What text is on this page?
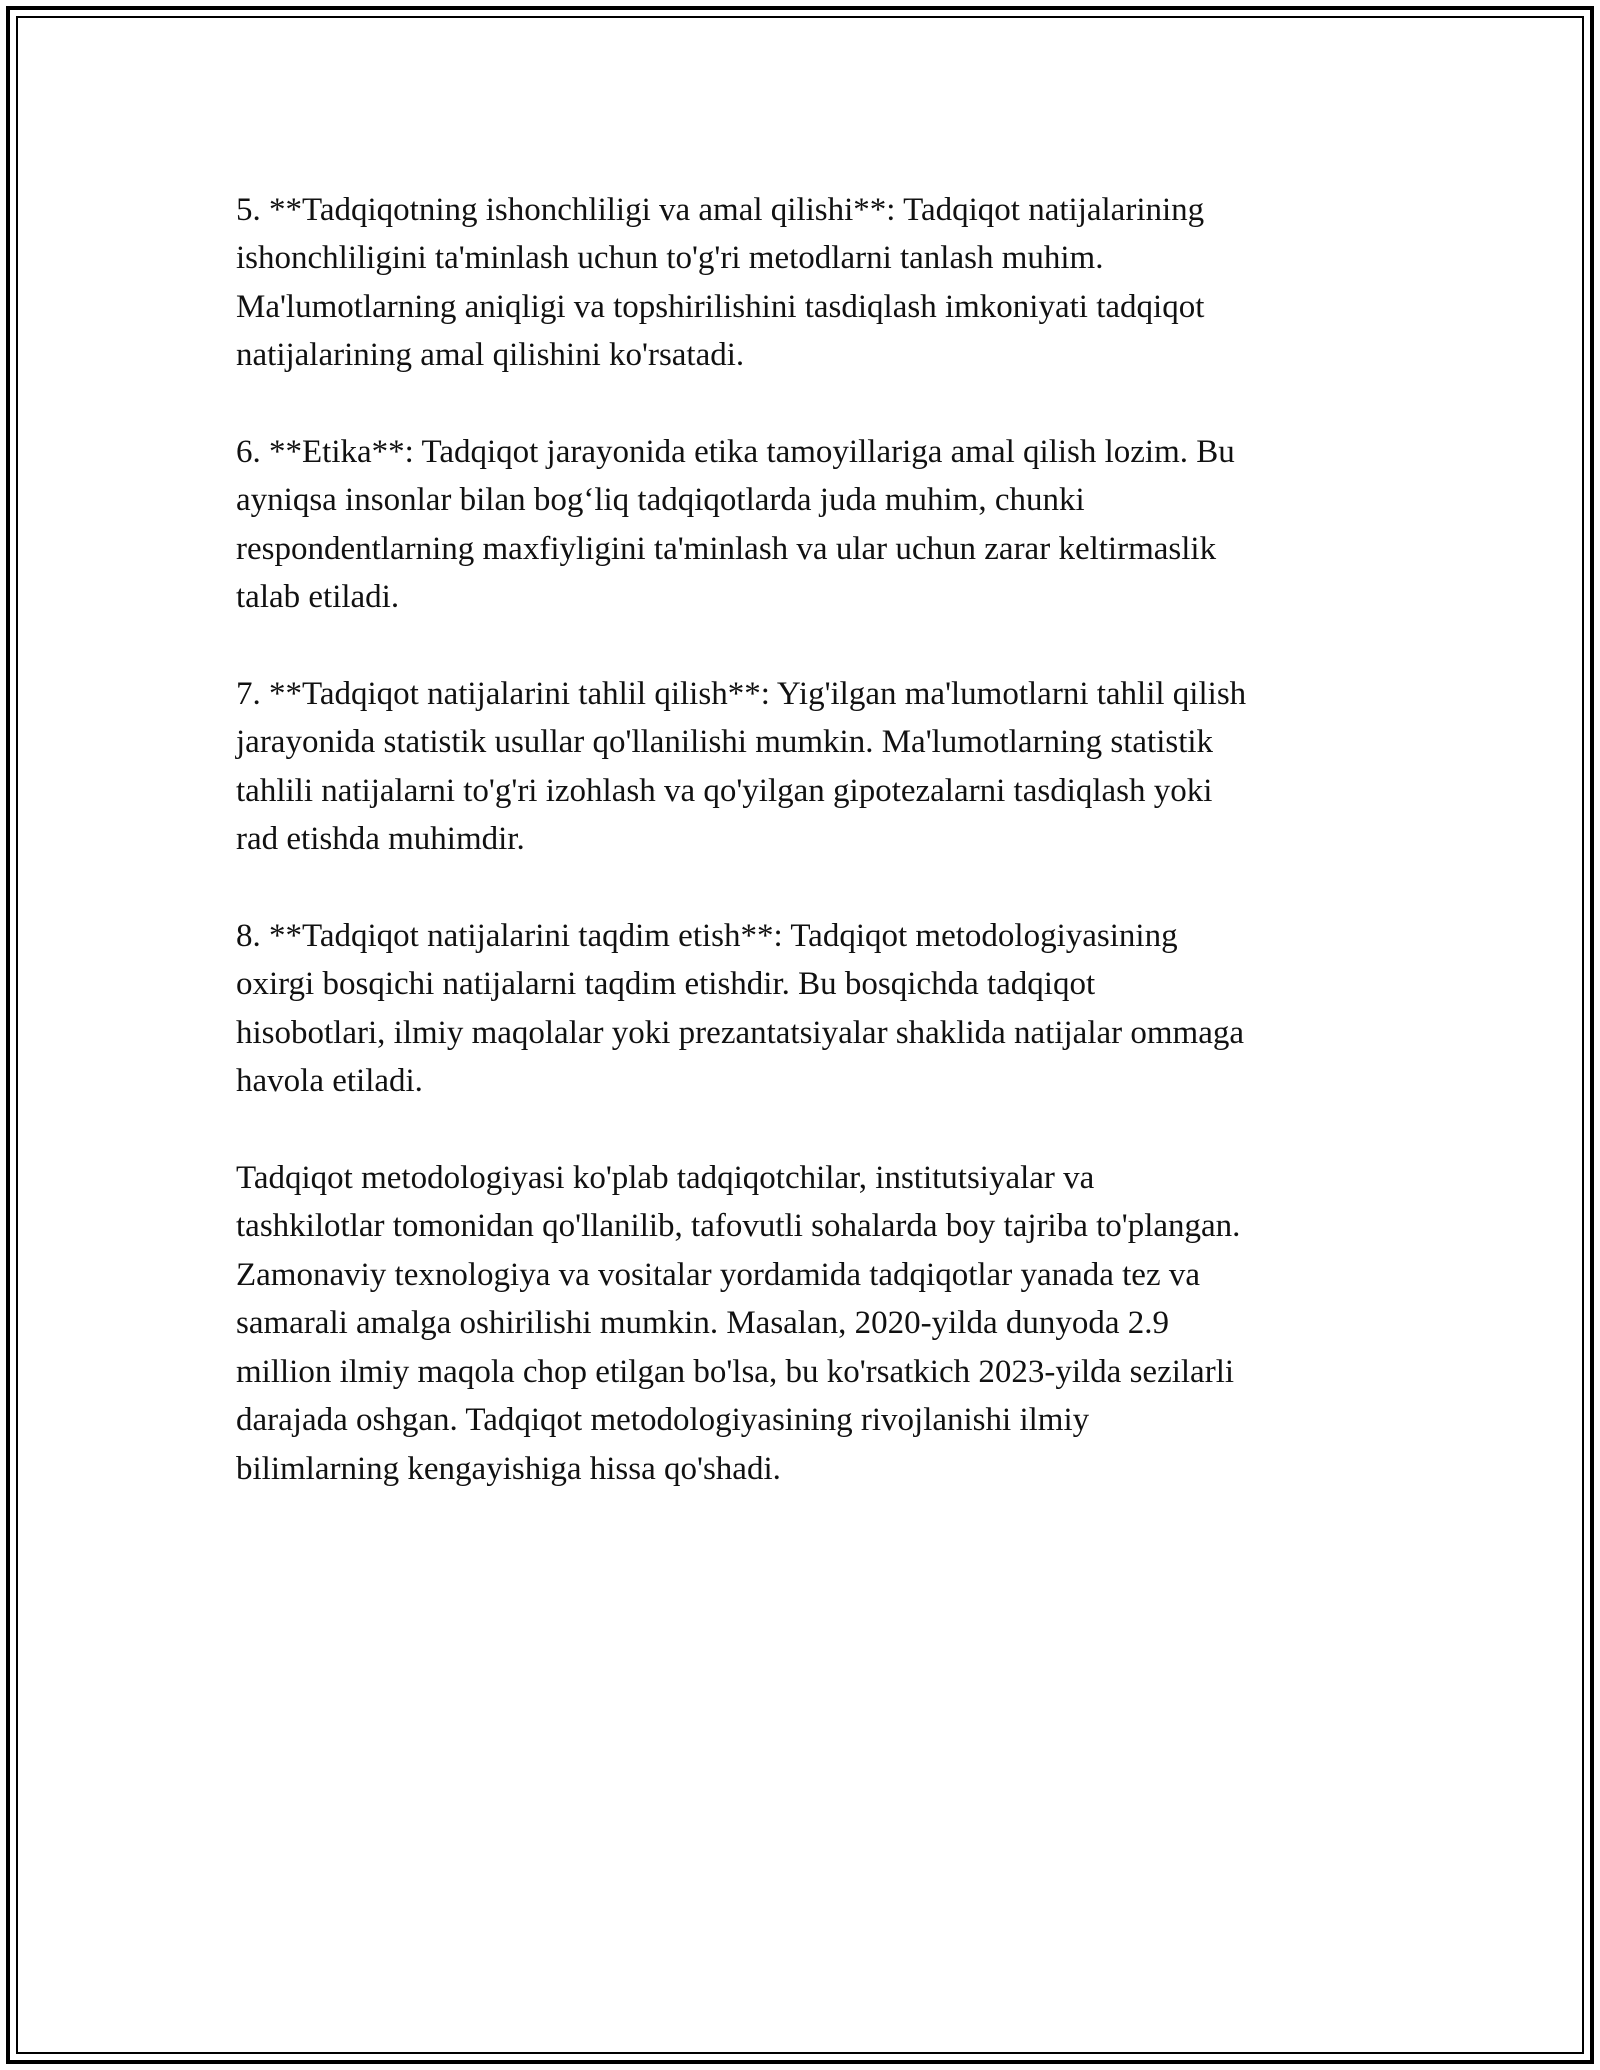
5. **Tadqiqotning ishonchliligi va amal qilishi**: Tadqiqot natijalarining
ishonchliligini ta'minlash uchun to'g'ri metodlarni tanlash muhim.
Ma'lumotlarning aniqligi va topshirilishini tasdiqlash imkoniyati tadqiqot
natijalarining amal qilishini ko'rsatadi.

6. **Etika**: Tadqiqot jarayonida etika tamoyillariga amal qilish lozim. Bu
ayniqsa insonlar bilan bog‘liq tadqiqotlarda juda muhim, chunki
respondentlarning maxfiyligini ta'minlash va ular uchun zarar keltirmaslik
talab etiladi.

7. **Tadqiqot natijalarini tahlil qilish**: Yig'ilgan ma'lumotlarni tahlil qilish
jarayonida statistik usullar qo'llanilishi mumkin. Ma'lumotlarning statistik
tahlili natijalarni to'g'ri izohlash va qo'yilgan gipotezalarni tasdiqlash yoki
rad etishda muhimdir.

8. **Tadqiqot natijalarini taqdim etish**: Tadqiqot metodologiyasining
oxirgi bosqichi natijalarni taqdim etishdir. Bu bosqichda tadqiqot
hisobotlari, ilmiy maqolalar yoki prezantatsiyalar shaklida natijalar ommaga
havola etiladi.

Tadqiqot metodologiyasi ko'plab tadqiqotchilar, institutsiyalar va
tashkilotlar tomonidan qo'llanilib, tafovutli sohalarda boy tajriba to'plangan.
Zamonaviy texnologiya va vositalar yordamida tadqiqotlar yanada tez va
samarali amalga oshirilishi mumkin. Masalan, 2020-yilda dunyoda 2.9
million ilmiy maqola chop etilgan bo'lsa, bu ko'rsatkich 2023-yilda sezilarli
darajada oshgan. Tadqiqot metodologiyasining rivojlanishi ilmiy
bilimlarning kengayishiga hissa qo'shadi.
